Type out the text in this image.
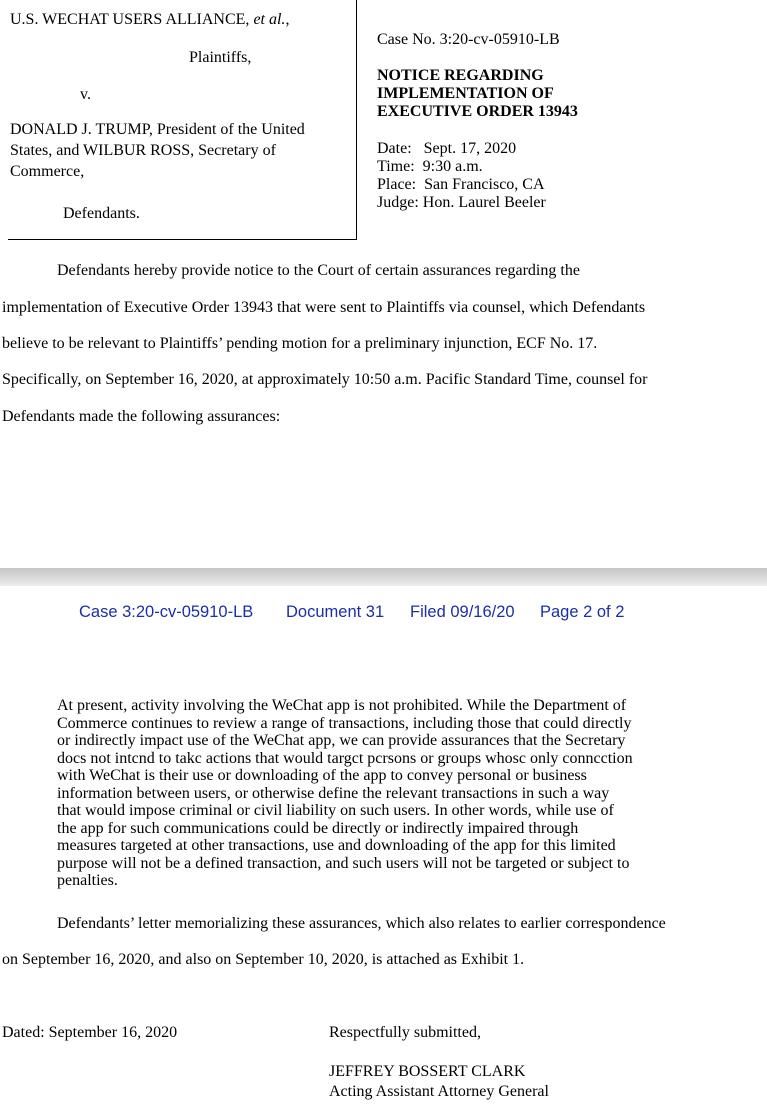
U.S. WECHAT USERS ALLIANCE, et al.,
Plaintiffs,
v.
DONALD J. TRUMP, President of the United
States, and WILBUR ROSS, Secretary of
Commerce,
Defendants.
Case No. 3:20-cv-05910-LB
NOTICE REGARDING
IMPLEMENTATION OF
EXECUTIVE ORDER 13943
Date: Sept. 17, 2020
Time: 9:30 a.m.
Place: San Francisco, CA
Judge: Hon. Laurel Beeler
Defendants hereby provide notice to the Court of certain assurances regarding the
implementation of Executive Order 13943 that were sent to Plaintiffs via counsel, which Defendants
believe to be relevant to Plaintiffs’ pending motion for a preliminary injunction, ECF No. 17.
Specifically, on September 16, 2020, at approximately 10:50 a.m. Pacific Standard Time, counsel for
Defendants made the following assurances:
Case 3:20-cv-05910-LB Document 31 Filed 09/16/20 Page 2 of 2
At present, activity involving the WeChat app is not prohibited. While the Department of
Commerce continues to review a range of transactions, including those that could directly
or indirectly impact use of the WeChat app, we can provide assurances that the Secretary
docs not intcnd to takc actions that would targct pcrsons or groups whosc only conncction
with WeChat is their use or downloading of the app to convey personal or business
information between users, or otherwise define the relevant transactions in such a way
that would impose criminal or civil liability on such users. In other words, while use of
the app for such communications could be directly or indirectly impaired through
measures targeted at other transactions, use and downloading of the app for this limited
purpose will not be a defined transaction, and such users will not be targeted or subject to
penalties.
Defendants’ letter memorializing these assurances, which also relates to earlier correspondence
on September 16, 2020, and also on September 10, 2020, is attached as Exhibit 1.
Dated: September 16, 2020	Respectfully submitted,
JEFFREY BOSSERT CLARK
Acting Assistant Attorney General
